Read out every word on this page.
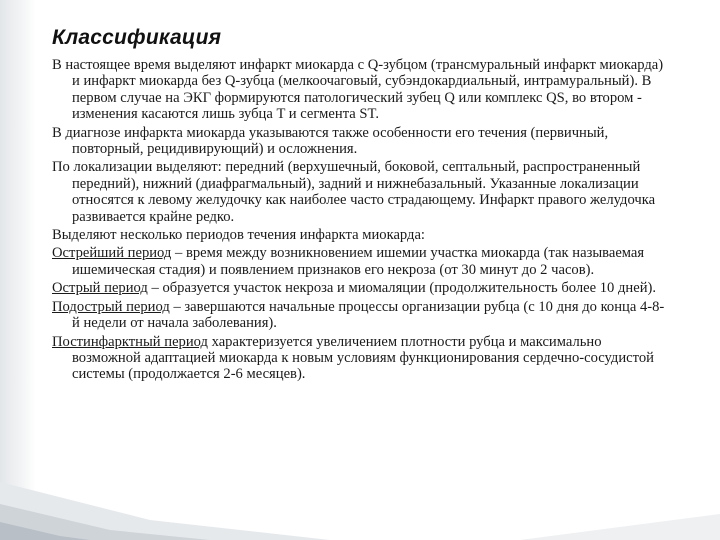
Классификация

В настоящее время выделяют инфаркт миокарда с Q-зубцом (трансмуральный инфаркт миокарда) и инфаркт миокарда без Q-зубца (мелкоочаговый, субэндокардиальный, интрамуральный). В первом случае на ЭКГ формируются патологический зубец Q или комплекс QS, во втором - изменения касаются лишь зубца T и сегмента ST.

В диагнозе инфаркта миокарда указываются также особенности его течения (первичный, повторный, рецидивирующий) и осложнения.

По локализации выделяют: передний (верхушечный, боковой, септальный, распространенный передний), нижний (диафрагмальный), задний и нижнебазальный. Указанные локализации относятся к левому желудочку как наиболее часто страдающему. Инфаркт правого желудочка развивается крайне редко.

Выделяют несколько периодов течения инфаркта миокарда:

Острейший период – время между возникновением ишемии участка миокарда (так называемая ишемическая стадия) и появлением признаков его некроза (от 30 минут до 2 часов).

Острый период – образуется участок некроза и миомаляции (продолжительность более 10 дней).

Подострый период – завершаются начальные процессы организации рубца (с 10 дня до конца 4-8-й недели от начала заболевания).

Постинфарктный период характеризуется увеличением плотности рубца и максимально возможной адаптацией миокарда к новым условиям функционирования сердечно-сосудистой системы (продолжается 2-6 месяцев).
